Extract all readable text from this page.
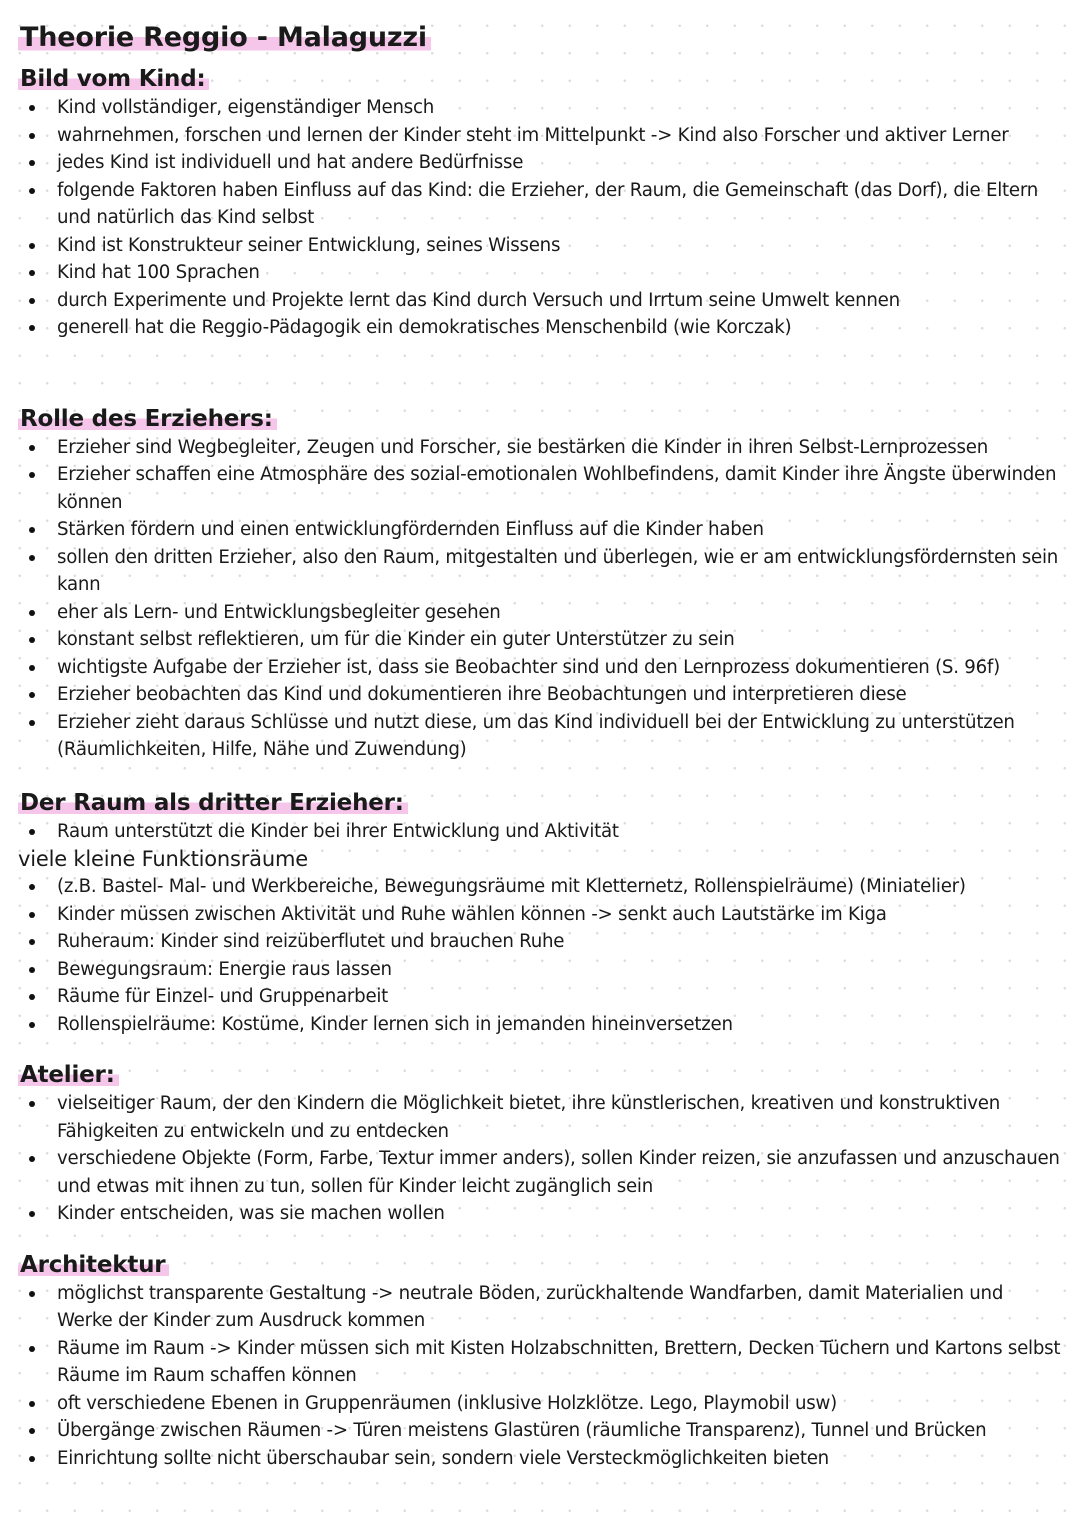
Theorie Reggio - Malaguzzi
Bild vom Kind:
Kind vollständiger, eigenständiger Mensch
wahrnehmen, forschen und lernen der Kinder steht im Mittelpunkt -> Kind also Forscher und aktiver Lerner
jedes Kind ist individuell und hat andere Bedürfnisse
folgende Faktoren haben Einfluss auf das Kind: die Erzieher, der Raum, die Gemeinschaft (das Dorf), die Eltern und natürlich das Kind selbst
Kind ist Konstrukteur seiner Entwicklung, seines Wissens
Kind hat 100 Sprachen
durch Experimente und Projekte lernt das Kind durch Versuch und Irrtum seine Umwelt kennen
generell hat die Reggio-Pädagogik ein demokratisches Menschenbild (wie Korczak)
Rolle des Erziehers:
Erzieher sind Wegbegleiter, Zeugen und Forscher, sie bestärken die Kinder in ihren Selbst-Lernprozessen
Erzieher schaffen eine Atmosphäre des sozial-emotionalen Wohlbefindens, damit Kinder ihre Ängste überwinden können
Stärken fördern und einen entwicklungfördernden Einfluss auf die Kinder haben
sollen den dritten Erzieher, also den Raum, mitgestalten und überlegen, wie er am entwicklungsfördernsten sein kann
eher als Lern- und Entwicklungsbegleiter gesehen
konstant selbst reflektieren, um für die Kinder ein guter Unterstützer zu sein
wichtigste Aufgabe der Erzieher ist, dass sie Beobachter sind und den Lernprozess dokumentieren (S. 96f)
Erzieher beobachten das Kind und dokumentieren ihre Beobachtungen und interpretieren diese
Erzieher zieht daraus Schlüsse und nutzt diese, um das Kind individuell bei der Entwicklung zu unterstützen (Räumlichkeiten, Hilfe, Nähe und Zuwendung)
Der Raum als dritter Erzieher:
Raum unterstützt die Kinder bei ihrer Entwicklung und Aktivität

viele kleine Funktionsräume

(z.B. Bastel- Mal- und Werkbereiche, Bewegungsräume mit Kletternetz, Rollenspielräume) (Miniatelier)
Kinder müssen zwischen Aktivität und Ruhe wählen können -> senkt auch Lautstärke im Kiga
Ruheraum: Kinder sind reizüberflutet und brauchen Ruhe
Bewegungsraum: Energie raus lassen
Räume für Einzel- und Gruppenarbeit
Rollenspielräume: Kostüme, Kinder lernen sich in jemanden hineinversetzen
Atelier:
vielseitiger Raum, der den Kindern die Möglichkeit bietet, ihre künstlerischen, kreativen und konstruktiven Fähigkeiten zu entwickeln und zu entdecken
verschiedene Objekte (Form, Farbe, Textur immer anders), sollen Kinder reizen, sie anzufassen und anzuschauen und etwas mit ihnen zu tun, sollen für Kinder leicht zugänglich sein
Kinder entscheiden, was sie machen wollen
Architektur
möglichst transparente Gestaltung -> neutrale Böden, zurückhaltende Wandfarben, damit Materialien und Werke der Kinder zum Ausdruck kommen
Räume im Raum -> Kinder müssen sich mit Kisten Holzabschnitten, Brettern, Decken Tüchern und Kartons selbst Räume im Raum schaffen können
oft verschiedene Ebenen in Gruppenräumen (inklusive Holzklötze. Lego, Playmobil usw)
Übergänge zwischen Räumen -> Türen meistens Glastüren (räumliche Transparenz), Tunnel und Brücken
Einrichtung sollte nicht überschaubar sein, sondern viele Versteckmöglichkeiten bieten
